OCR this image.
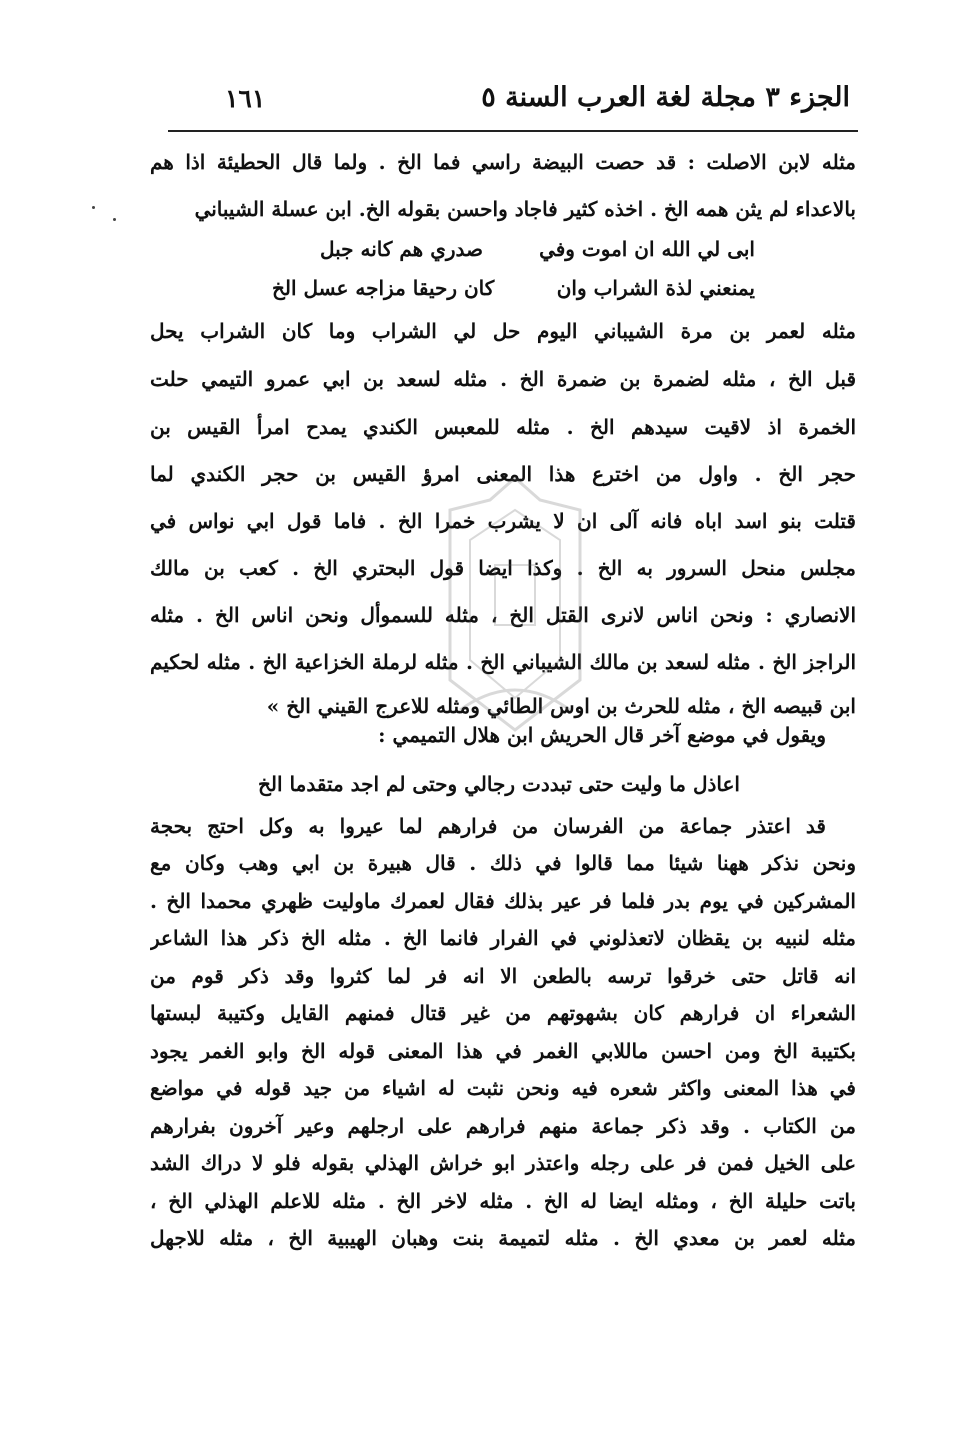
الجزء ٣ مجلة لغة العرب السنة ٥
١٦١
مثله لابن الاصلت : قد حصت البيضة راسي فما الخ . ولما قال الحطيئة اذا هم
بالاعداء لم يثن همه الخ . اخذه كثير فاجاد واحسن بقوله الخ. ابن عسلة الشيباني
ابى لي الله ان اموت وفي
صدري هم كانه جبل
يمنعني لذة الشراب وان
كان رحيقا مزاجه عسل الخ
مثله لعمر بن مرة الشيباني اليوم حل لي الشراب وما كان الشراب يحل
قبل الخ ، مثله لضمرة بن ضمرة الخ . مثله لسعد بن ابي عمرو التيمي حلت
الخمرة اذ لاقيت سيدهم الخ . مثله للمعبس الكندي يمدح امرأ القيس بن
حجر الخ . واول من اخترع هذا المعنى امرؤ القيس بن حجر الكندي لما
قتلت بنو اسد اباه فانه آلى ان لا يشرب خمرا الخ . فاما قول ابي نواس في
مجلس منحل السرور به الخ . وكذا ايضا قول البحتري الخ . كعب بن مالك
الانصاري : ونحن اناس لانرى القتل الخ ، مثله للسموأل ونحن اناس الخ . مثله
الراجز الخ . مثله لسعد بن مالك الشيباني الخ . مثله لرملة الخزاعية الخ . مثله لحكيم
ابن قبيصه الخ ، مثله للحرث بن اوس الطائي ومثله للاعرج القيني الخ »
ويقول في موضع آخر قال الحريش ابن هلال التميمي :
اعاذل ما وليت حتى تبددت
رجالي وحتى لم اجد متقدما الخ
قد اعتذر جماعة من الفرسان من فرارهم لما عيروا به وكل احتج بحجة
ونحن نذكر ههنا شيئا مما قالوا في ذلك . قال هبيرة بن ابي وهب وكان مع
المشركين في يوم بدر فلما فر عير بذلك فقال لعمرك ماوليت ظهري محمدا الخ .
مثله لنبيه بن يقظان لاتعذلوني في الفرار فانما الخ . مثله الخ ذكر هذا الشاعر
انه قاتل حتى خرقوا ترسه بالطعن الا انه فر لما كثروا وقد ذكر قوم من
الشعراء ان فرارهم كان بشهوتهم من غير قتال فمنهم القايل وكتيبة لبستها
بكتيبة الخ ومن احسن ماللابي الغمر في هذا المعنى قوله الخ وابو الغمر يجود
في هذا المعنى واكثر شعره فيه ونحن نثبت له اشياء من جيد قوله في مواضع
من الكتاب . وقد ذكر جماعة منهم فرارهم على ارجلهم وعير آخرون بفرارهم
على الخيل فمن فر على رجله واعتذر ابو خراش الهذلي بقوله فلو لا دراك الشد
باتت حليلة الخ ، ومثله ايضا له الخ . مثله لاخر الخ . مثله للاعلم الهذلي الخ ،
مثله لعمر بن معدي الخ . مثله لتميمة بنت وهبان الهيبية الخ ، مثله للاجهل
